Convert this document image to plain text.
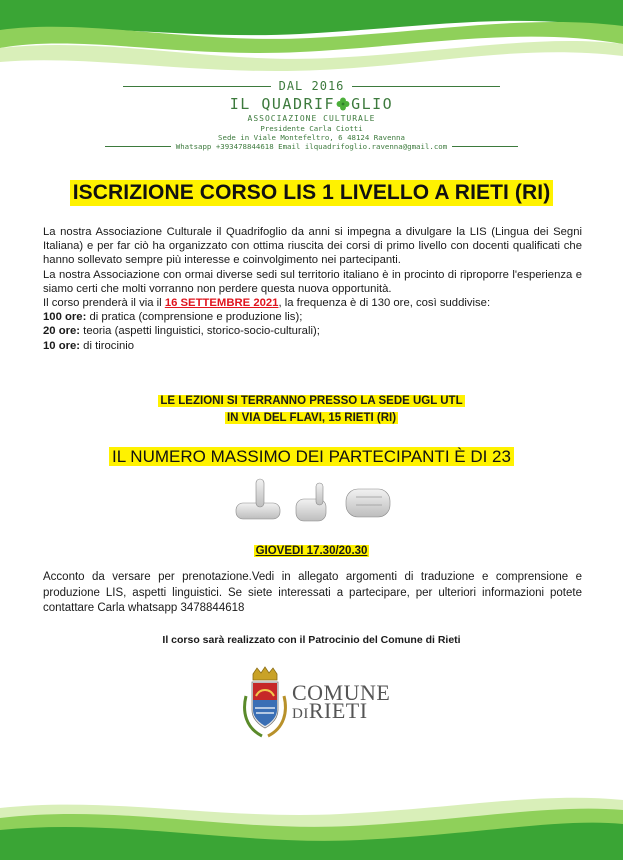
DAL 2016
IL QUADRIF GLIO
ASSOCIAZIONE CULTURALE
Presidente Carla Ciotti
Sede in Viale Montefeltro, 6 48124 Ravenna
Whatsapp +393478844618 Email ilquadrifoglio.ravenna@gmail.com
ISCRIZIONE CORSO LIS 1 LIVELLO A RIETI (RI)

La nostra Associazione Culturale il Quadrifoglio da anni si impegna a divulgare la LIS (Lingua dei Segni Italiana) e per far ciò ha organizzato con ottima riuscita dei corsi di primo livello con docenti qualificati che hanno sollevato sempre più interesse e coinvolgimento nei partecipanti.

La nostra Associazione con ormai diverse sedi sul territorio italiano è in procinto di riproporre l'esperienza e siamo certi che molti vorranno non perdere questa nuova opportunità.

Il corso prenderà il via il 16 SETTEMBRE 2021, la frequenza è di 130 ore, così suddivise:

100 ore: di pratica (comprensione e produzione lis);

20 ore: teoria (aspetti linguistici, storico-socio-culturali);

10 ore: di tirocinio

LE LEZIONI SI TERRANNO PRESSO LA SEDE UGL UTL
IN VIA DEL FLAVI, 15 RIETI (RI)
IL NUMERO MASSIMO DEI PARTECIPANTI È DI 23
GIOVEDI 17.30/20.30
Acconto da versare per prenotazione.Vedi in allegato argomenti di traduzione e comprensione e produzione LIS, aspetti linguistici. Se siete interessati a partecipare, per ulteriori informazioni potete contattare Carla whatsapp 3478844618
Il corso sarà realizzato con il Patrocinio del Comune di Rieti
COMUNE
DIRIETI
